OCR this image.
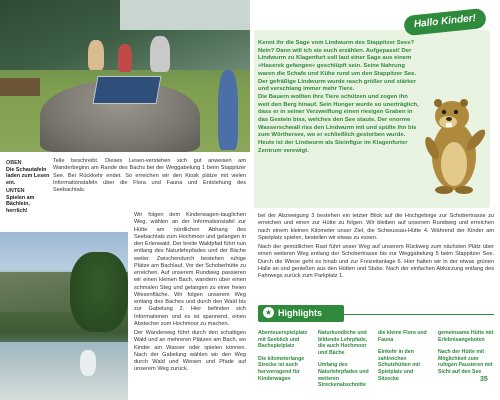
OBEN
Die Schautafeln laden zum Lesen ein.
UNTEN
Spielen am Bächlein, herrlich!

Teile beschreibt. Dieses Lesen-verstehen sich gut anweisen am Wanderbeginn am Rande des Bachs bei der Weggabelung 1 beim Stappitzer See. Bei Rückkehr endet. So erreichen wir den Kiosk plätze mit vielen Informationstafeln über die Flora und Fauna und Entstehung des Seebachtals.

Wir folgen dem Kinderwagen-tauglichen Weg, wählen an der Informationstafel zur Hütte am nördlichen Abhang des Seebachtals zum Hochmoor und gelangen in den Erlenwald. Der breite Waldpfad führt nun entlang des Naturlehrpfades und der Bäche weiter. Zwischendurch bestehen ruhige Plätze am Bachlauf. Vor der Schoberhütte zu erreichen. Auf unserem Rundweg passieren wir einen kleinen Bach, wandern über einen schmalen Steg und gelangen zu einer freien Wiesenfläche. Wir folgen unserem Weg entlang des Baches und durch den Wald bis zur Gabelung 2. Hier befinden sich Informationen und es ist spannend, einen Abstecher zum Hochmoor zu machen.

Der Wanderweg führt durch den schattigen Wald und an mehreren Plätzen am Bach, wo Kinder am Wasser oder spielen können. Nach der Gabelung wählen wir den Weg durch Wald und Wiesen und Pfade auf unserem Weg zurück.

Hallo Kinder!

Kennt ihr die Sage vom Lindwurm des Stappitzer Sees? Nein? Dann will ich sie euch erzählen. Aufgepasst! Der Lindwurm zu Klagenfurt soll laut einer Sage aus einem »Haserek gefangen« geschlüpft sein. Seine Nahrung waren die Schafe und Kühe rund um den Stappitzer See. Der gefräßige Lindwurm wurde rasch größer und stärker und verschlang immer mehr Tiere.

Die Bauern wollten ihre Tiere schützen und zogen ihn weit den Berg hinauf. Sein Hunger wurde so unerträglich, dass er in seiner Verzweiflung einen riesigen Graben in das Gestein biss, welches den See staute. Der enorme Wasserschwall riss den Lindwurm mit und spülte ihn bis zum Wörthersee, wo er schließlich gestorben wurde. Heute ist der Lindwurm als Steinfigur im Klagenfurter Zentrum verewigt.

bei der Abzweigung 3 bestehen ein letzter Blick auf die Hochgebirge zur Schobertrasse zu erreichen und einen zur Hütte zu folgen. Wir bleiben auf unserem Rundweg und erreichen nach einem kleinen Kilometer unser Ziel, die Schwussau-Hütte 4. Während der Kinder am Spielplatz spielen, bestellen wir etwas zu essen.

Nach der gemütlichen Rast führt unser Weg auf unserem Rückweg zum nächsten Plätz über einen weiteren Weg entlang der Schobertrasse bis zur Weggabelung 5 beim Stappitzer See. Durch die Wiese geht es hinab und zur Freizeitanlage 6. Hier halten wir in der etwas grünen Halle an und genießen aus den Hütten und Stube. Nach der einfachen Abkürzung entlang des Fahrwegs zurück zum Parkplatz 1.

★ Highlights

Abenteuerspielplatz mit Seeblick und Bachspielplatz

Die kilometerlange Strecke ist auch hervorragend für Kinderwagen

Naturkundliche und bildende Lehrpfade, die auch Hochmoor und Bäche

Umfang des Naturlehrpfades und weiteren Streckenabschnitte

die kleine Flora und Fauna

Einkehr in den zahlreichen Schutzhütten mit Spielplatz und Sitzecke

gemeinsame Hütte mit Erlebnisangeboten

Nach der Hütte mit Möglichkeit zum ruhigen Pausieren mit Sicht auf den See

35
